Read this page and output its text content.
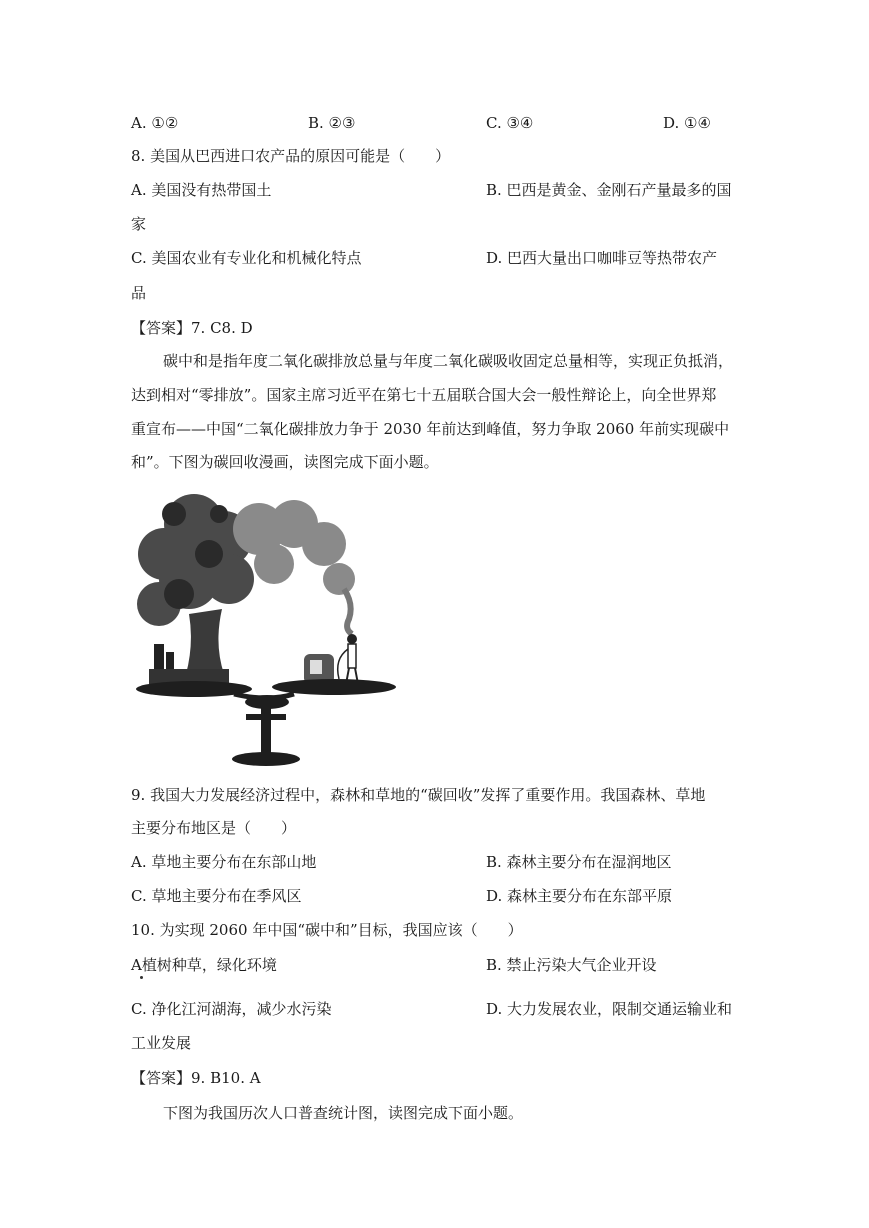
A. ①②	B. ②③	C. ③④	D. ①④
8. 美国从巴西进口农产品的原因可能是（　　）
A. 美国没有热带国土	B. 巴西是黄金、金刚石产量最多的国
家
C. 美国农业有专业化和机械化特点	D. 巴西大量出口咖啡豆等热带农产
品
【答案】7. C8. D
碳中和是指年度二氧化碳排放总量与年度二氧化碳吸收固定总量相等，实现正负抵消，
达到相对“零排放”。国家主席习近平在第七十五届联合国大会一般性辩论上，向全世界郑
重宣布——中国“二氧化碳排放力争于 2030 年前达到峰值，努力争取 2060 年前实现碳中
和”。下图为碳回收漫画，读图完成下面小题。
9. 我国大力发展经济过程中，森林和草地的“碳回收”发挥了重要作用。我国森林、草地
主要分布地区是（　　）
A. 草地主要分布在东部山地	B. 森林主要分布在湿润地区
C. 草地主要分布在季风区	D. 森林主要分布在东部平原
10. 为实现 2060 年中国“碳中和”目标，我国应该（　　）
A植树种草，绿化环境	B. 禁止污染大气企业开设
C. 净化江河湖海，减少水污染	D. 大力发展农业，限制交通运输业和
工业发展
【答案】9. B10. A
下图为我国历次人口普查统计图，读图完成下面小题。
